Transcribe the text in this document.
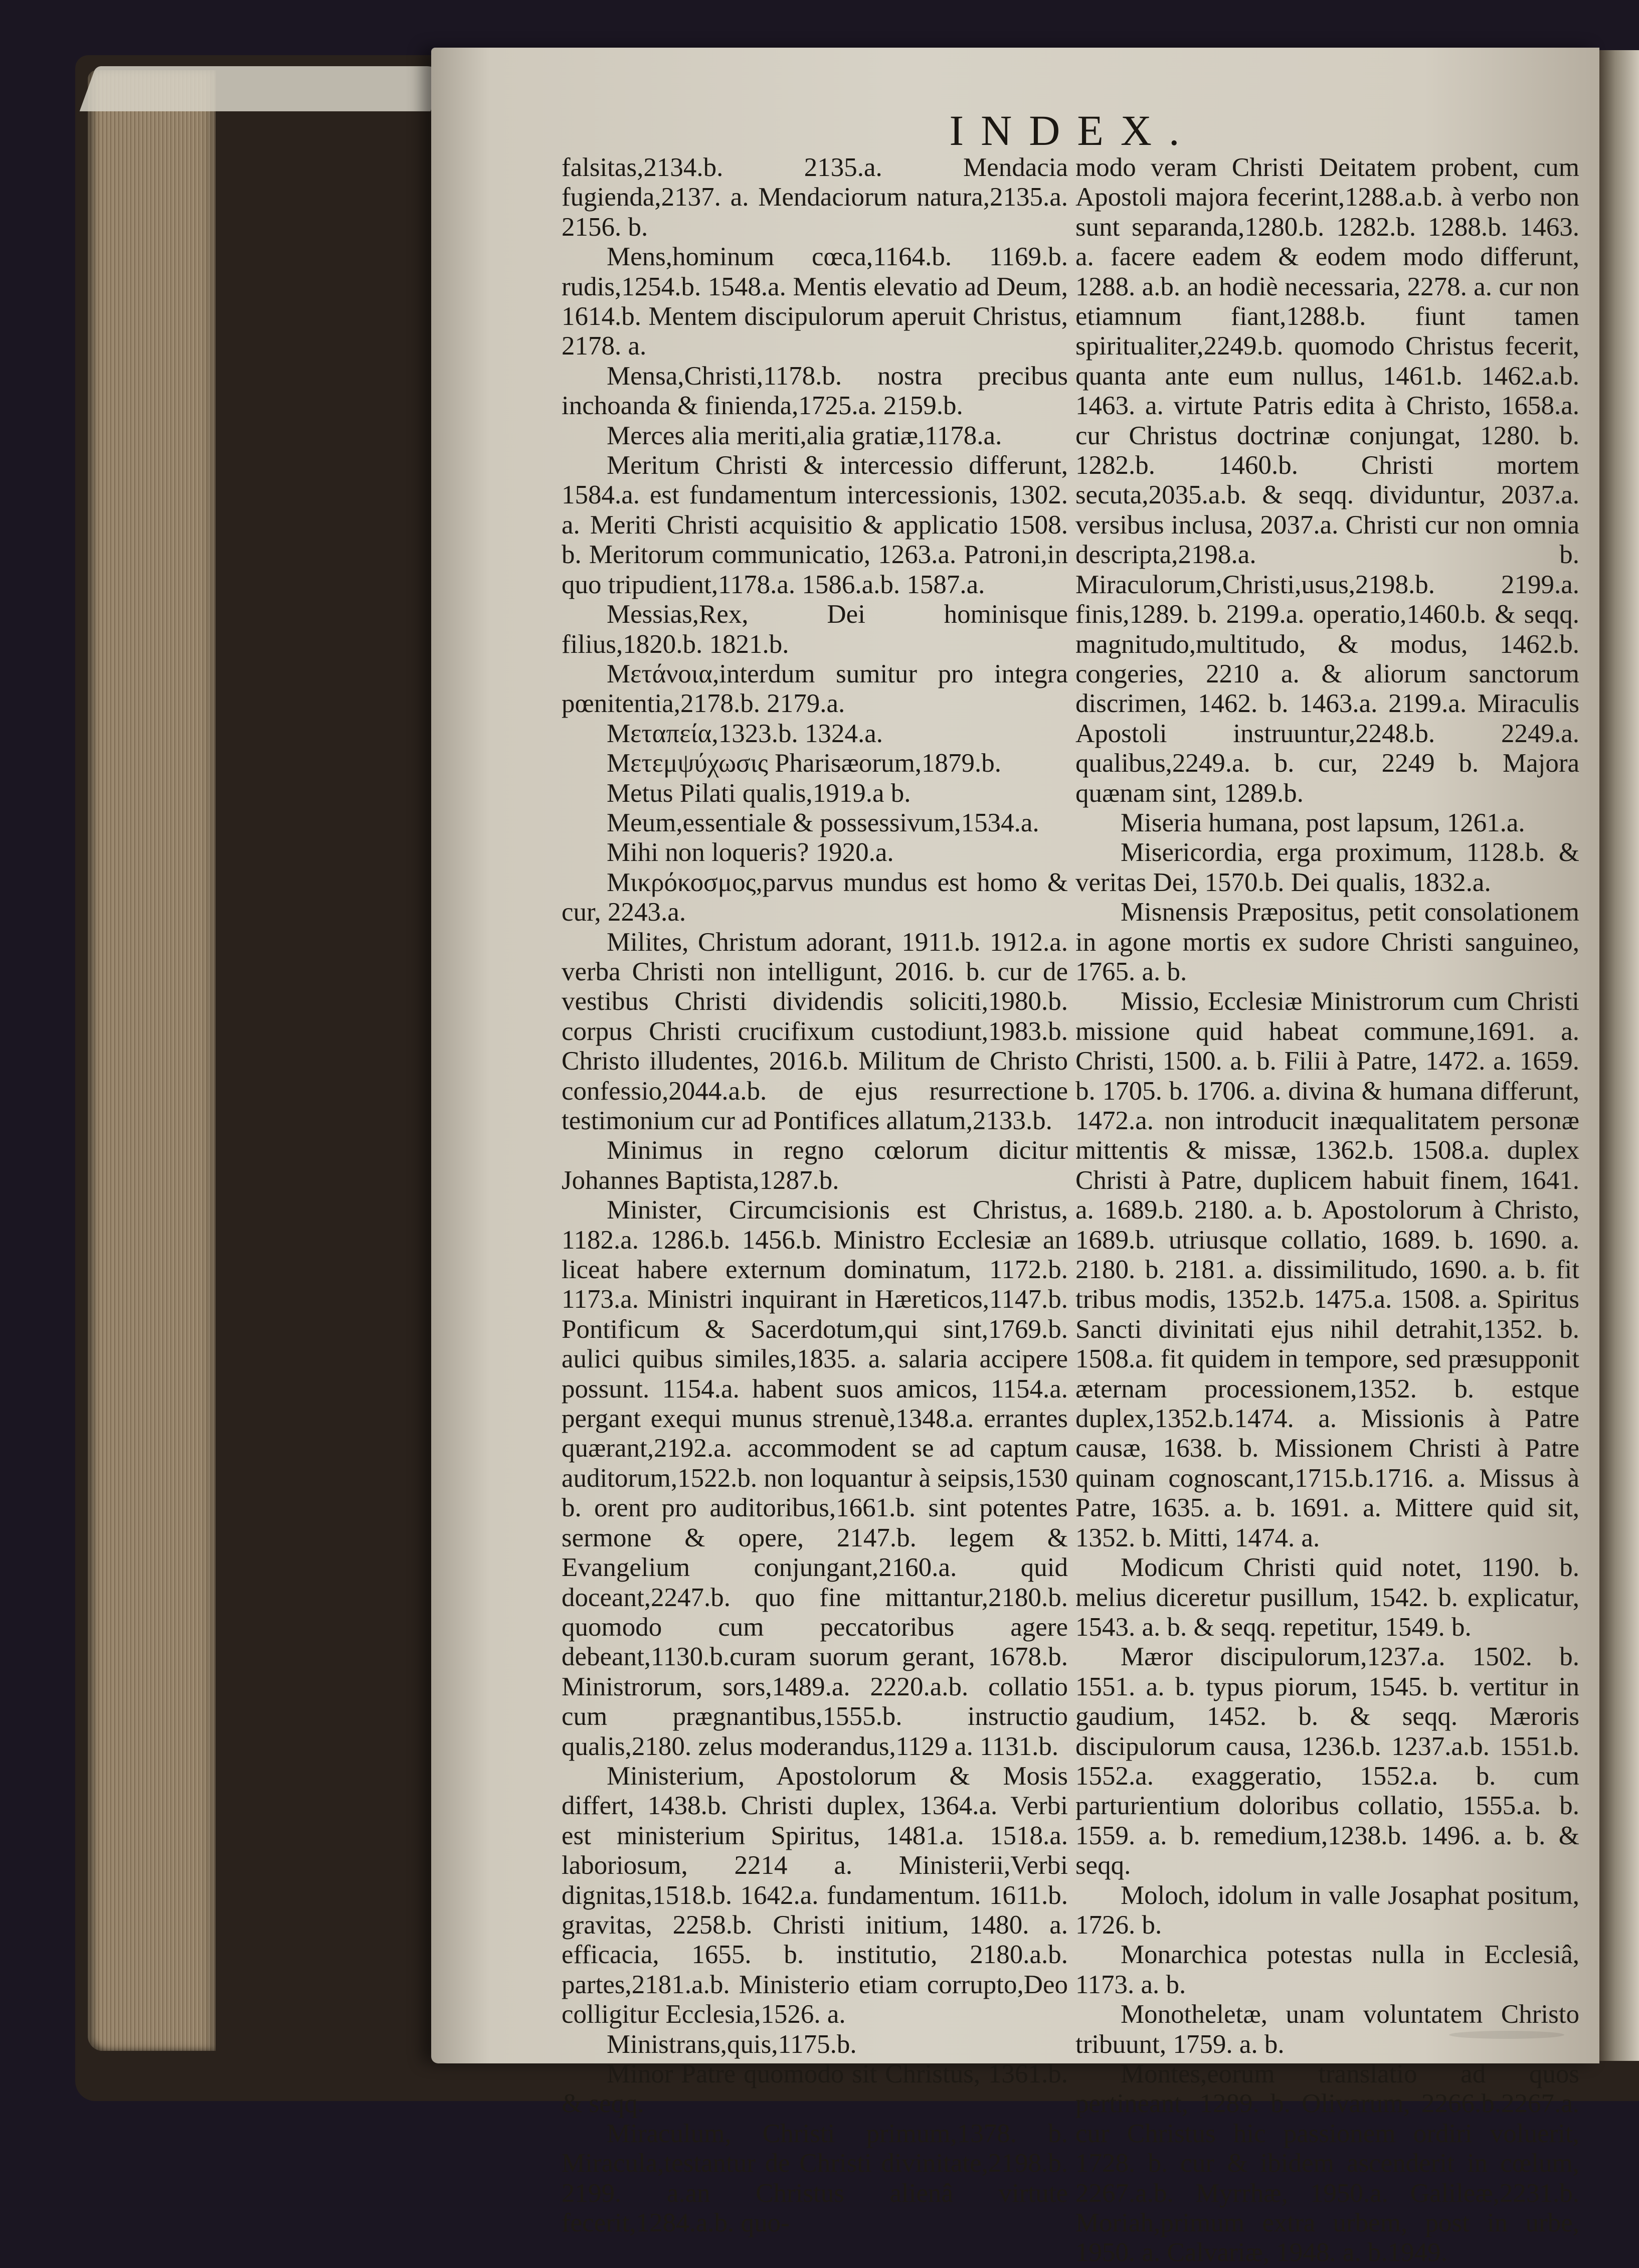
INDEX.

falsitas,2134.b. 2135.a. Mendacia fugienda,2137. a. Mendaciorum natura,2135.a. 2156. b.

Mens,hominum cœca,1164.b. 1169.b. rudis,1254.b. 1548.a. Mentis elevatio ad Deum, 1614.b. Mentem discipulorum aperuit Christus, 2178. a.

Mensa,Christi,1178.b. nostra precibus inchoanda & finienda,1725.a. 2159.b.

Merces alia meriti,alia gratiæ,1178.a.

Meritum Christi & intercessio differunt, 1584.a. est fundamentum intercessionis, 1302. a. Meriti Christi acquisitio & applicatio 1508. b. Meritorum communicatio, 1263.a. Patroni,in quo tripudient,1178.a. 1586.a.b. 1587.a.

Messias,Rex, Dei hominisque filius,1820.b. 1821.b.

Μετάνοια,interdum sumitur pro integra pœnitentia,2178.b. 2179.a.

Μεταπεία,1323.b. 1324.a.

Μετεμψύχωσις Pharisæorum,1879.b.

Metus Pilati qualis,1919.a b.

Meum,essentiale & possessivum,1534.a.

Mihi non loqueris? 1920.a.

Μικρόκοσμος,parvus mundus est homo & cur, 2243.a.

Milites, Christum adorant, 1911.b. 1912.a. verba Christi non intelligunt, 2016. b. cur de vestibus Christi dividendis soliciti,1980.b. corpus Christi crucifixum custodiunt,1983.b. Christo illudentes, 2016.b. Militum de Christo confessio,2044.a.b. de ejus resurrectione testimonium cur ad Pontifices allatum,2133.b.

Minimus in regno cœlorum dicitur Johannes Baptista,1287.b.

Minister, Circumcisionis est Christus, 1182.a. 1286.b. 1456.b. Ministro Ecclesiæ an liceat habere externum dominatum, 1172.b. 1173.a. Ministri inquirant in Hæreticos,1147.b. Pontificum & Sacerdotum,qui sint,1769.b. aulici quibus similes,1835. a. salaria accipere possunt. 1154.a. habent suos amicos, 1154.a. pergant exequi munus strenuè,1348.a. errantes quærant,2192.a. accommodent se ad captum auditorum,1522.b. non loquantur à seipsis,1530 b. orent pro auditoribus,1661.b. sint potentes sermone & opere, 2147.b. legem & Evangelium conjungant,2160.a. quid doceant,2247.b. quo fine mittantur,2180.b. quomodo cum peccatoribus agere debeant,1130.b.curam suorum gerant, 1678.b. Ministrorum, sors,1489.a. 2220.a.b. collatio cum prægnantibus,1555.b. instructio qualis,2180. zelus moderandus,1129 a. 1131.b.

Ministerium, Apostolorum & Mosis differt, 1438.b. Christi duplex, 1364.a. Verbi est ministerium Spiritus, 1481.a. 1518.a. laboriosum, 2214 a. Ministerii,Verbi dignitas,1518.b. 1642.a. fundamentum. 1611.b. gravitas, 2258.b. Christi initium, 1480. a. efficacia, 1655. b. institutio, 2180.a.b. partes,2181.a.b. Ministerio etiam corrupto,Deo colligitur Ecclesia,1526. a.

Ministrans,quis,1175.b.

Minor Patre quomodo sit Christus, 1361.b. & seqq.

Miraculum, Christi primum,1378. b. Miracula,testantur de Christi divinitate,2198.b. 2199. a.an Christus alienâ virtute fecerit,1284.a.b. quo-

modo veram Christi Deitatem probent, cum Apostoli majora fecerint,1288.a.b. à verbo non sunt separanda,1280.b. 1282.b. 1288.b. 1463. a. facere eadem & eodem modo differunt, 1288. a.b. an hodiè necessaria, 2278. a. cur non etiamnum fiant,1288.b. fiunt tamen spiritualiter,2249.b. quomodo Christus fecerit, quanta ante eum nullus, 1461.b. 1462.a.b. 1463. a. virtute Patris edita à Christo, 1658.a. cur Christus doctrinæ conjungat, 1280. b. 1282.b. 1460.b. Christi mortem secuta,2035.a.b. & seqq. dividuntur, 2037.a. versibus inclusa, 2037.a. Christi cur non omnia descripta,2198.a. b. Miraculorum,Christi,usus,2198.b. 2199.a. finis,1289. b. 2199.a. operatio,1460.b. & seqq. magnitudo,multitudo, & modus, 1462.b. congeries, 2210 a. & aliorum sanctorum discrimen, 1462. b. 1463.a. 2199.a. Miraculis Apostoli instruuntur,2248.b. 2249.a. qualibus,2249.a. b. cur, 2249 b. Majora quænam sint, 1289.b.

Miseria humana, post lapsum, 1261.a.

Misericordia, erga proximum, 1128.b. & veritas Dei, 1570.b. Dei qualis, 1832.a.

Misnensis Præpositus, petit consolationem in agone mortis ex sudore Christi sanguineo, 1765. a. b.

Missio, Ecclesiæ Ministrorum cum Christi missione quid habeat commune,1691. a. Christi, 1500. a. b. Filii à Patre, 1472. a. 1659. b. 1705. b. 1706. a. divina & humana differunt, 1472.a. non introducit inæqualitatem personæ mittentis & missæ, 1362.b. 1508.a. duplex Christi à Patre, duplicem habuit finem, 1641. a. 1689.b. 2180. a. b. Apostolorum à Christo, 1689.b. utriusque collatio, 1689. b. 1690. a. 2180. b. 2181. a. dissimilitudo, 1690. a. b. fit tribus modis, 1352.b. 1475.a. 1508. a. Spiritus Sancti divinitati ejus nihil detrahit,1352. b. 1508.a. fit quidem in tempore, sed præsupponit æternam processionem,1352. b. estque duplex,1352.b.1474. a. Missionis à Patre causæ, 1638. b. Missionem Christi à Patre quinam cognoscant,1715.b.1716. a. Missus à Patre, 1635. a. b. 1691. a. Mittere quid sit, 1352. b. Mitti, 1474. a.

Modicum Christi quid notet, 1190. b. melius diceretur pusillum, 1542. b. explicatur, 1543. a. b. & seqq. repetitur, 1549. b.

Mæror discipulorum,1237.a. 1502. b. 1551. a. b. typus piorum, 1545. b. vertitur in gaudium, 1452. b. & seqq. Mæroris discipulorum causa, 1236.b. 1237.a.b. 1551.b. 1552.a. exaggeratio, 1552.a. b. cum parturientium doloribus collatio, 1555.a. b. 1559. a. b. remedium,1238.b. 1496. a. b. & seqq.

Moloch, idolum in valle Josaphat positum, 1726. b.

Monarchica potestas nulla in Ecclesiâ, 1173. a. b.

Monotheletæ, unam voluntatem Christo tribuunt, 1759. a. b.

Montes,eorum translatio ad quos pertineant, 1289. b. Olivarum, 2266.b.2267.a. cur Christus hic passionem ordiri voluerit, 1728. b. cur & ibidem ascenderit in cœlum, 2267.a.b. Myrrhæ, 1950.a. Galileæ,2231.b. Moriah,primum extra urbem, post in urbe, 1950. a. Calvariæ, 1948. a. b.1949.
